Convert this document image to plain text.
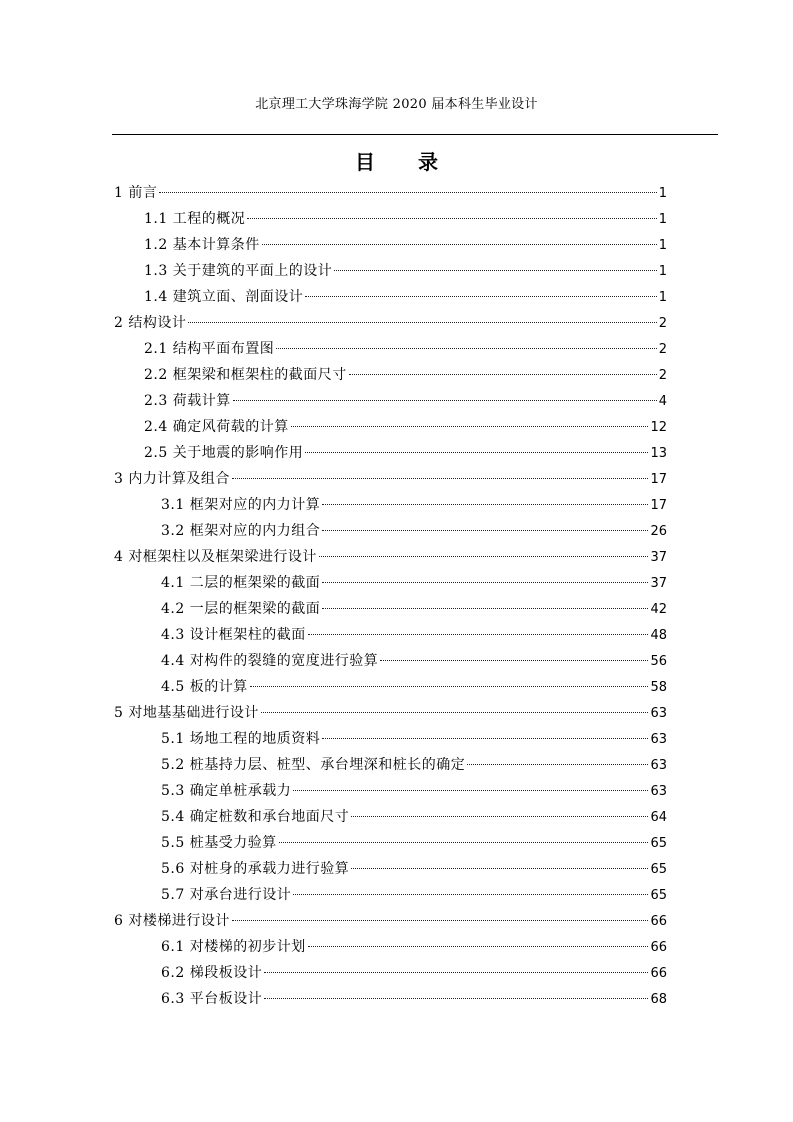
北京理工大学珠海学院 2020 届本科生毕业设计
目 录
1 前言	1
1.1 工程的概况	1
1.2 基本计算条件	1
1.3 关于建筑的平面上的设计	1
1.4 建筑立面、剖面设计	1
2 结构设计	2
2.1 结构平面布置图	2
2.2 框架梁和框架柱的截面尺寸	2
2.3 荷载计算	4
2.4 确定风荷载的计算	12
2.5 关于地震的影响作用	13
3 内力计算及组合	17
3.1 框架对应的内力计算	17
3.2 框架对应的内力组合	26
4 对框架柱以及框架梁进行设计	37
4.1 二层的框架梁的截面	37
4.2 一层的框架梁的截面	42
4.3 设计框架柱的截面	48
4.4 对构件的裂缝的宽度进行验算	56
4.5 板的计算	58
5 对地基基础进行设计	63
5.1 场地工程的地质资料	63
5.2 桩基持力层、桩型、承台埋深和桩长的确定	63
5.3 确定单桩承载力	63
5.4 确定桩数和承台地面尺寸	64
5.5 桩基受力验算	65
5.6 对桩身的承载力进行验算	65
5.7 对承台进行设计	65
6 对楼梯进行设计	66
6.1 对楼梯的初步计划	66
6.2 梯段板设计	66
6.3 平台板设计	68
